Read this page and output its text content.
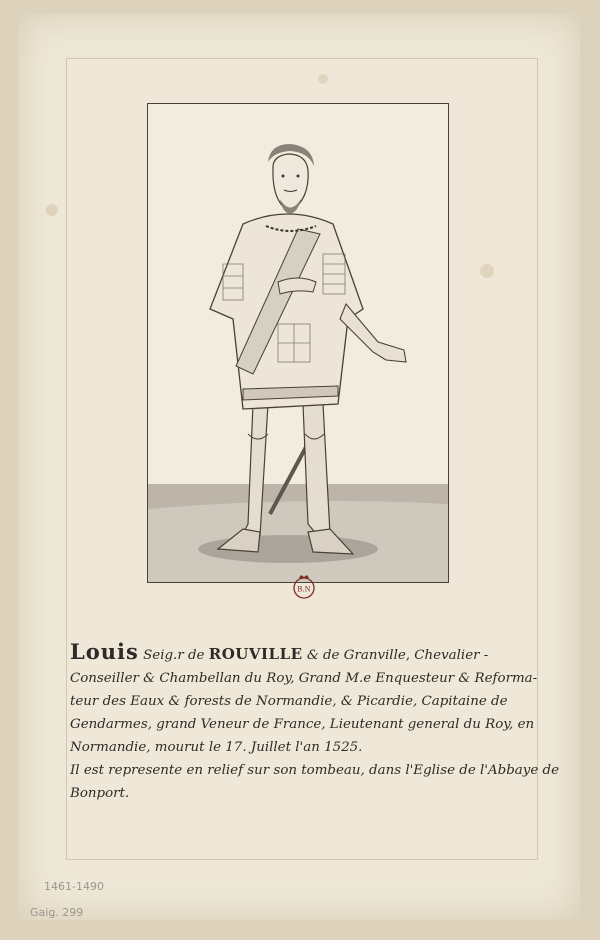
B.N
Louis Seig.r de ROUVILLE & de Granville, Chevalier -
Conseiller & Chambellan du Roy, Grand M.e Enquesteur & Reforma-
teur des Eaux & forests de Normandie, & Picardie, Capitaine de
Gendarmes, grand Veneur de France, Lieutenant general du Roy, en
Normandie, mourut le 17. Juillet l'an 1525.
Il est represente en relief sur son tombeau, dans l'Eglise de l'Abbaye de
Bonport.
1461-1490
Gaig. 299
